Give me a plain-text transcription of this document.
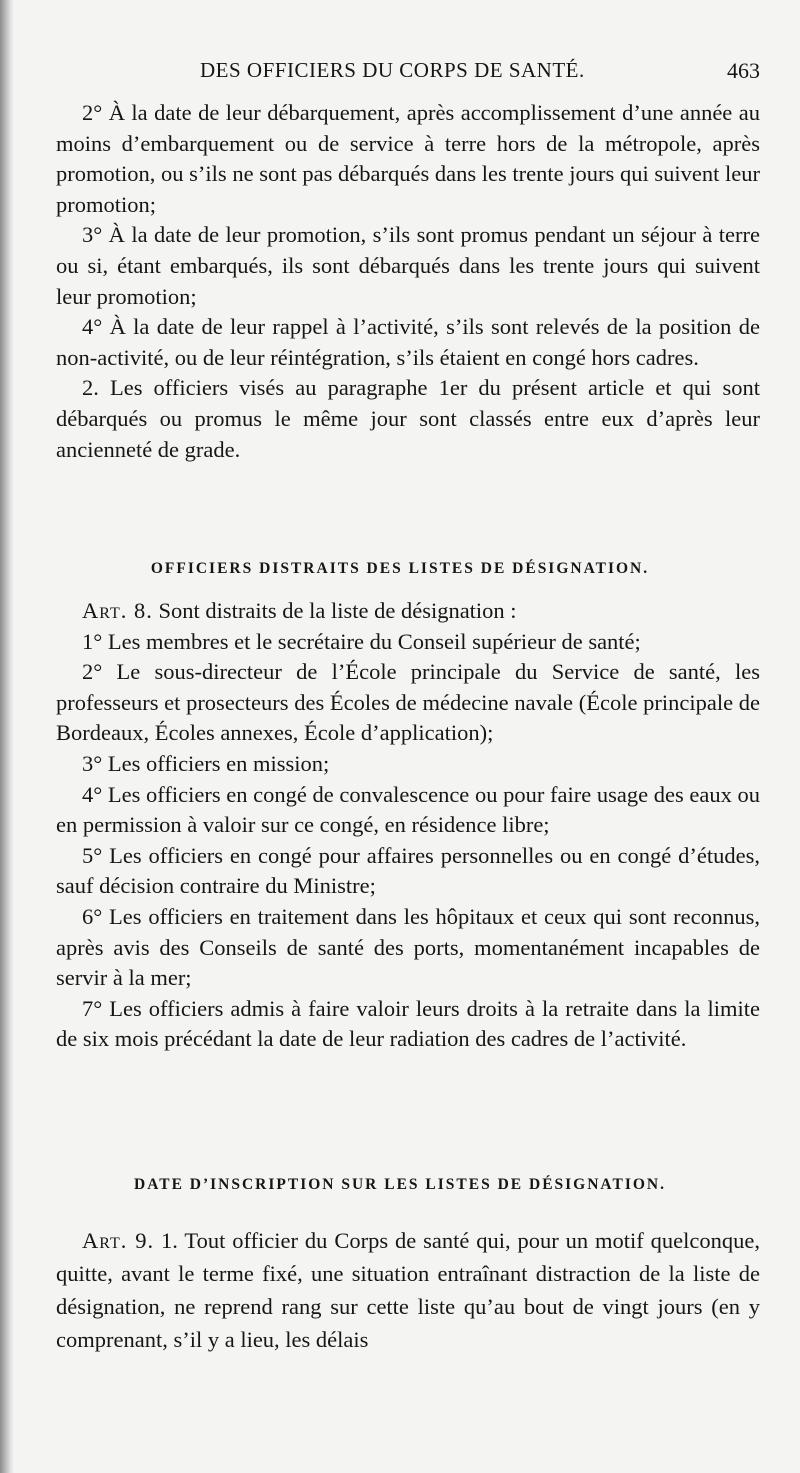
DES OFFICIERS DU CORPS DE SANTÉ.	463

2° À la date de leur débarquement, après accomplissement d’une année au moins d’embarquement ou de service à terre hors de la métropole, après promotion, ou s’ils ne sont pas débarqués dans les trente jours qui suivent leur promotion;

3° À la date de leur promotion, s’ils sont promus pendant un séjour à terre ou si, étant embarqués, ils sont débarqués dans les trente jours qui suivent leur promotion;

4° À la date de leur rappel à l’activité, s’ils sont relevés de la position de non-activité, ou de leur réintégration, s’ils étaient en congé hors cadres.

2. Les officiers visés au paragraphe 1er du présent article et qui sont débarqués ou promus le même jour sont classés entre eux d’après leur ancienneté de grade.

OFFICIERS DISTRAITS DES LISTES DE DÉSIGNATION.

Art. 8. Sont distraits de la liste de désignation :

1° Les membres et le secrétaire du Conseil supérieur de santé;

2° Le sous-directeur de l’École principale du Service de santé, les professeurs et prosecteurs des Écoles de médecine navale (École principale de Bordeaux, Écoles annexes, École d’application);

3° Les officiers en mission;

4° Les officiers en congé de convalescence ou pour faire usage des eaux ou en permission à valoir sur ce congé, en résidence libre;

5° Les officiers en congé pour affaires personnelles ou en congé d’études, sauf décision contraire du Ministre;

6° Les officiers en traitement dans les hôpitaux et ceux qui sont reconnus, après avis des Conseils de santé des ports, momentanément incapables de servir à la mer;

7° Les officiers admis à faire valoir leurs droits à la retraite dans la limite de six mois précédant la date de leur radiation des cadres de l’activité.

DATE D’INSCRIPTION SUR LES LISTES DE DÉSIGNATION.

Art. 9. 1. Tout officier du Corps de santé qui, pour un motif quelconque, quitte, avant le terme fixé, une situation entraînant distraction de la liste de désignation, ne reprend rang sur cette liste qu’au bout de vingt jours (en y comprenant, s’il y a lieu, les délais
